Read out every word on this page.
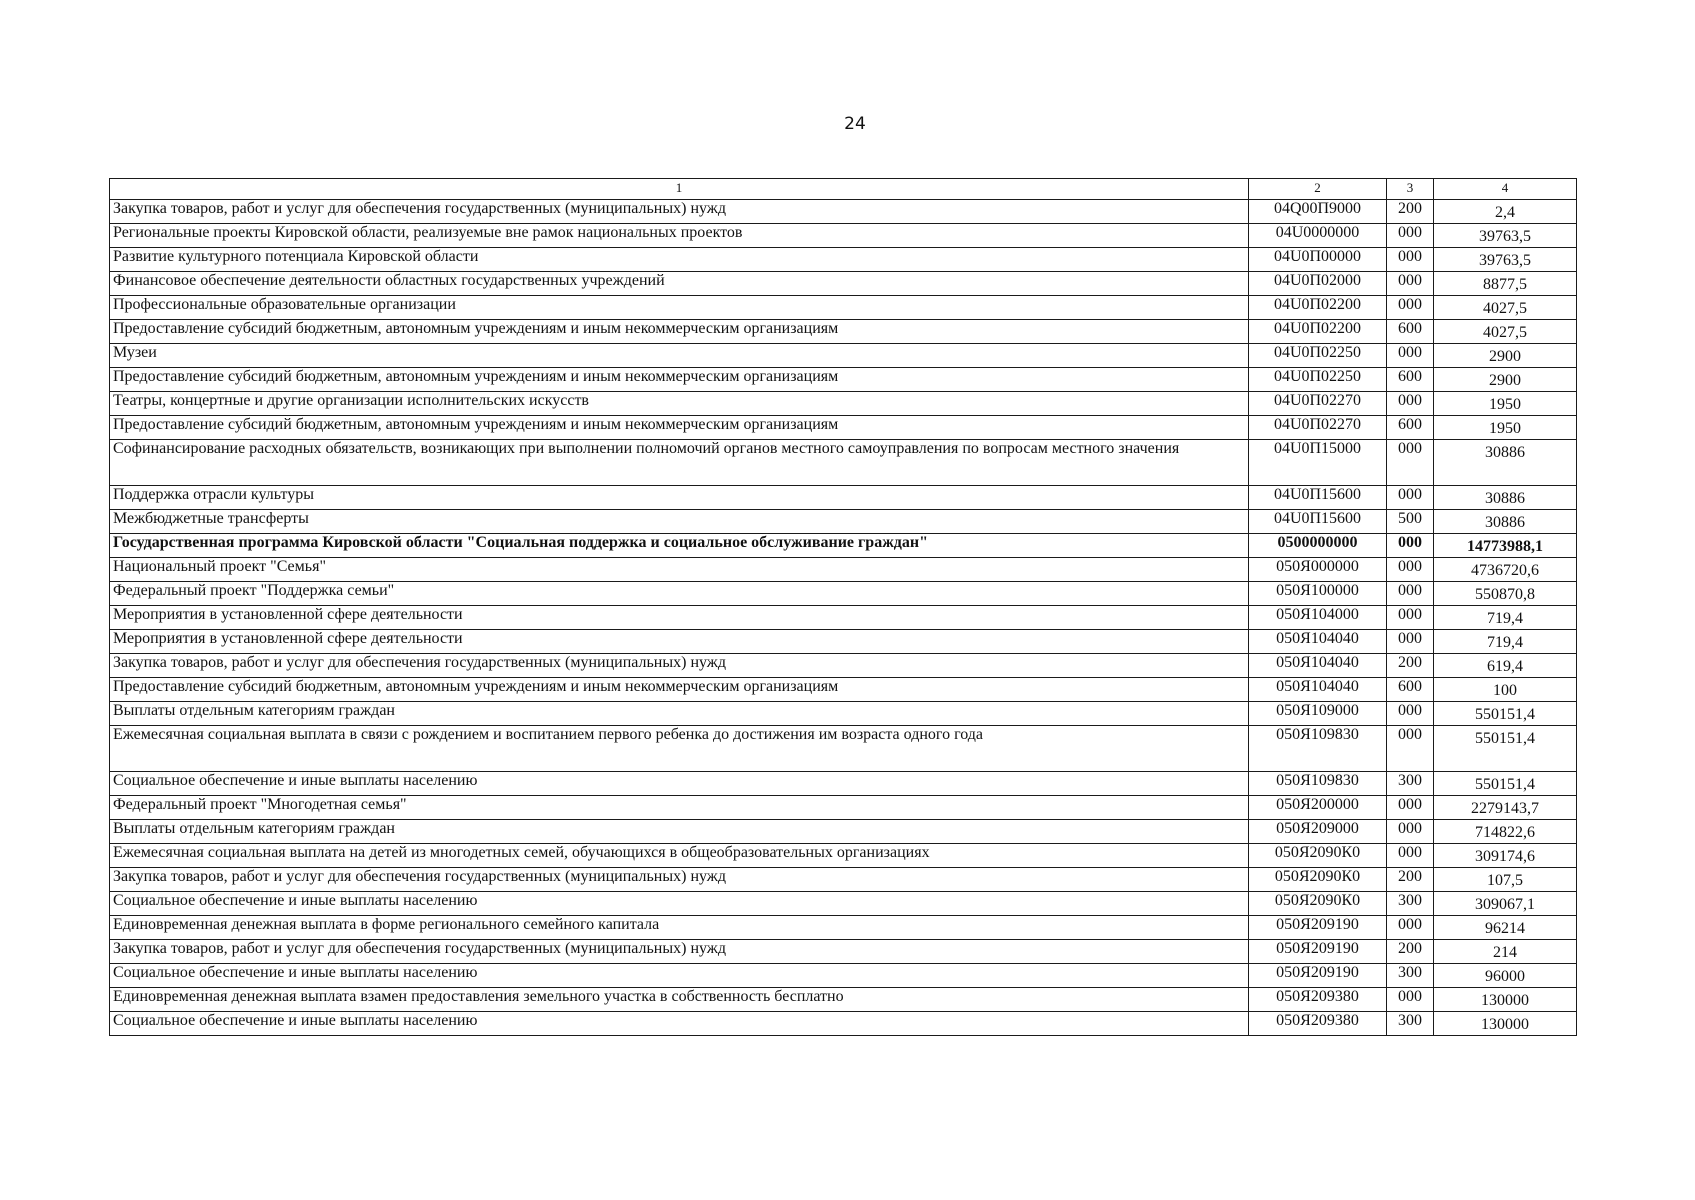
24
1	2	3	4
Закупка товаров, работ и услуг для обеспечения государственных (муниципальных) нужд	04Q00П9000	200	2,4
Региональные проекты Кировской области, реализуемые вне рамок национальных проектов	04U0000000	000	39763,5
Развитие культурного потенциала Кировской области	04U0П00000	000	39763,5
Финансовое обеспечение деятельности областных государственных учреждений	04U0П02000	000	8877,5
Профессиональные образовательные организации	04U0П02200	000	4027,5
Предоставление субсидий бюджетным, автономным учреждениям и иным некоммерческим организациям	04U0П02200	600	4027,5
Музеи	04U0П02250	000	2900
Предоставление субсидий бюджетным, автономным учреждениям и иным некоммерческим организациям	04U0П02250	600	2900
Театры, концертные и другие организации исполнительских искусств	04U0П02270	000	1950
Предоставление субсидий бюджетным, автономным учреждениям и иным некоммерческим организациям	04U0П02270	600	1950
Софинансирование расходных обязательств, возникающих при выполнении полномочий органов местного самоуправления по вопросам местного значения	04U0П15000	000	30886
Поддержка отрасли культуры	04U0П15600	000	30886
Межбюджетные трансферты	04U0П15600	500	30886
Государственная программа Кировской области "Социальная поддержка и социальное обслуживание граждан"	0500000000	000	14773988,1
Национальный проект "Семья"	050Я000000	000	4736720,6
Федеральный проект "Поддержка семьи"	050Я100000	000	550870,8
Мероприятия в установленной сфере деятельности	050Я104000	000	719,4
Мероприятия в установленной сфере деятельности	050Я104040	000	719,4
Закупка товаров, работ и услуг для обеспечения государственных (муниципальных) нужд	050Я104040	200	619,4
Предоставление субсидий бюджетным, автономным учреждениям и иным некоммерческим организациям	050Я104040	600	100
Выплаты отдельным категориям граждан	050Я109000	000	550151,4
Ежемесячная социальная выплата в связи с рождением и воспитанием первого ребенка до достижения им возраста одного года	050Я109830	000	550151,4
Социальное обеспечение и иные выплаты населению	050Я109830	300	550151,4
Федеральный проект "Многодетная семья"	050Я200000	000	2279143,7
Выплаты отдельным категориям граждан	050Я209000	000	714822,6
Ежемесячная социальная выплата на детей из многодетных семей, обучающихся в общеобразовательных организациях	050Я2090К0	000	309174,6
Закупка товаров, работ и услуг для обеспечения государственных (муниципальных) нужд	050Я2090К0	200	107,5
Социальное обеспечение и иные выплаты населению	050Я2090К0	300	309067,1
Единовременная денежная выплата в форме регионального семейного капитала	050Я209190	000	96214
Закупка товаров, работ и услуг для обеспечения государственных (муниципальных) нужд	050Я209190	200	214
Социальное обеспечение и иные выплаты населению	050Я209190	300	96000
Единовременная денежная выплата взамен предоставления земельного участка в собственность бесплатно	050Я209380	000	130000
Социальное обеспечение и иные выплаты населению	050Я209380	300	130000
